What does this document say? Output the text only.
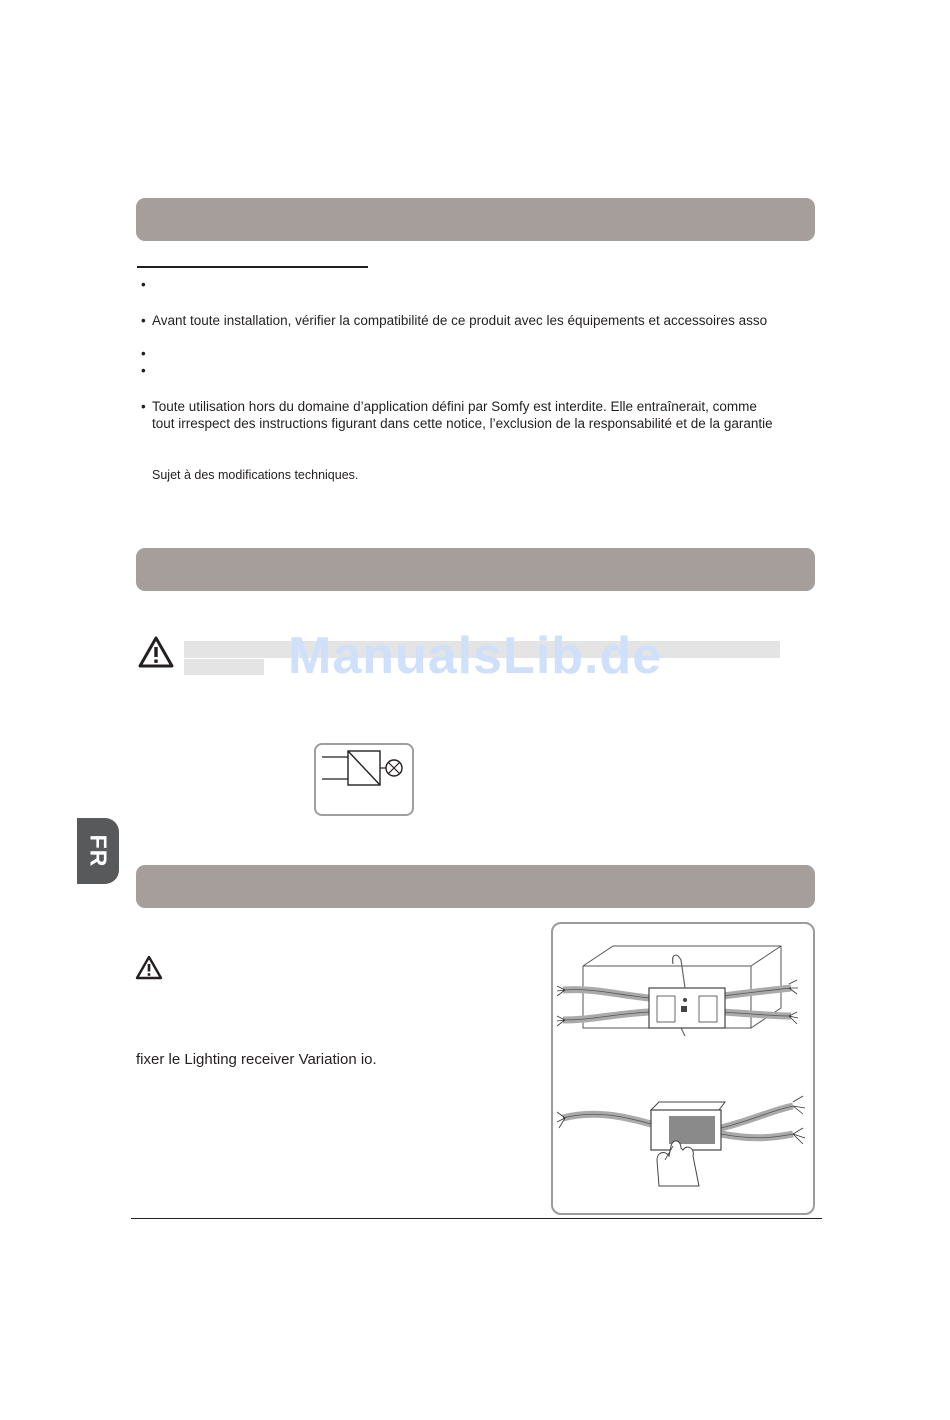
•
• Avant toute installation, vérifier la compatibilité de ce produit avec les équipements et accessoires asso
•
•
• Toute utilisation hors du domaine d’application défini par Somfy est interdite. Elle entraînerait, comme
tout irrespect des instructions figurant dans cette notice, l’exclusion de la responsabilité et de la garantie
Sujet à des modifications techniques.
ManualsLib.de
FR
fixer le Lighting receiver Variation io.
